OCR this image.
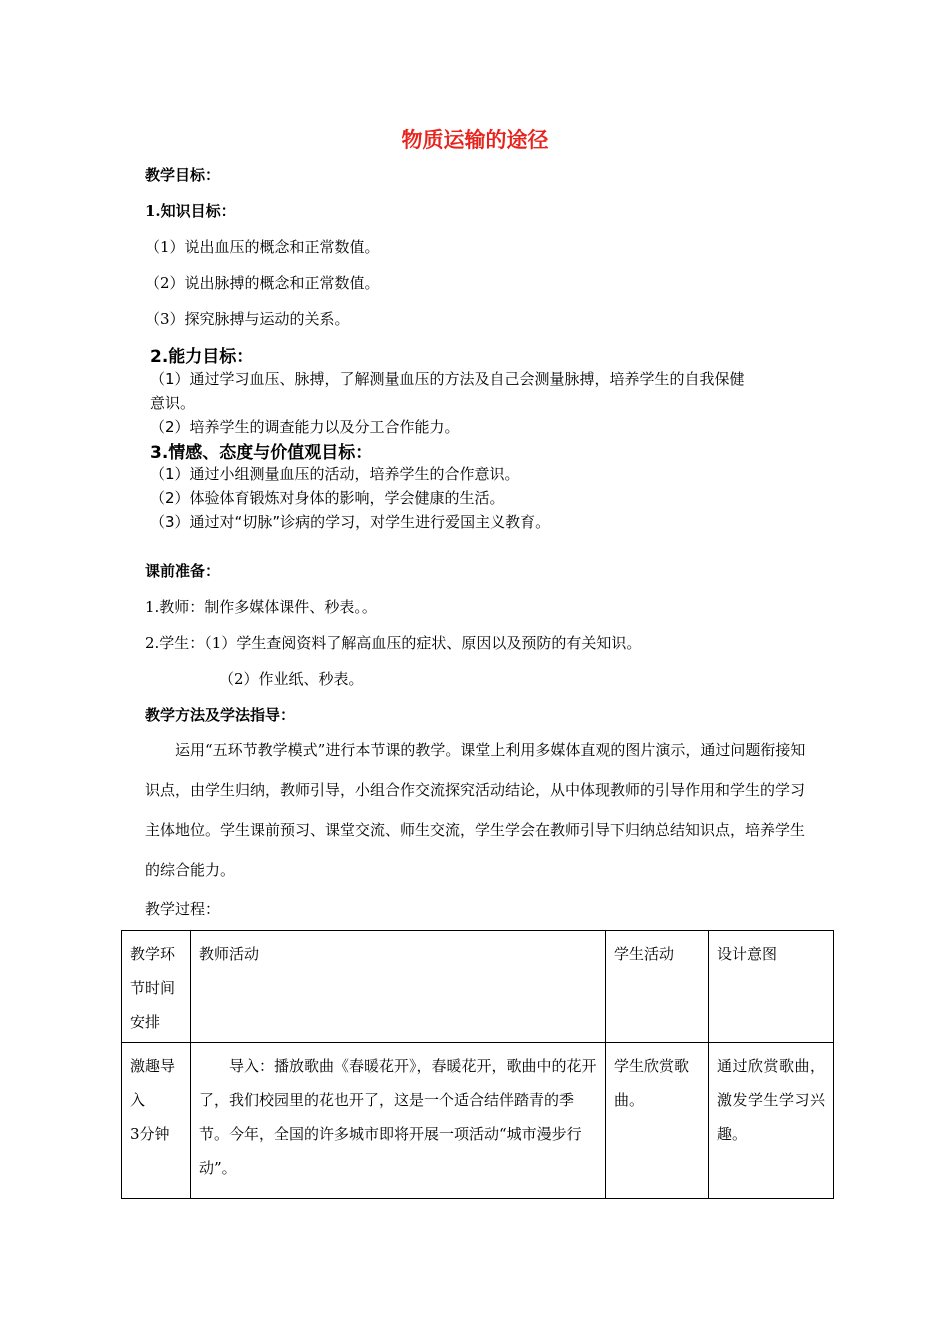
物质运输的途径
教学目标：
1.知识目标：
（1）说出血压的概念和正常数值。
（2）说出脉搏的概念和正常数值。
（3）探究脉搏与运动的关系。
2.能力目标：
（1）通过学习血压、脉搏，了解测量血压的方法及自己会测量脉搏，培养学生的自我保健
意识。
（2）培养学生的调查能力以及分工合作能力。
3.情感、态度与价值观目标：
（1）通过小组测量血压的活动，培养学生的合作意识。
（2）体验体育锻炼对身体的影响，学会健康的生活。
（3）通过对“切脉”诊病的学习，对学生进行爱国主义教育。
课前准备：
1.教师：制作多媒体课件、秒表。。
2.学生：（1）学生查阅资料了解高血压的症状、原因以及预防的有关知识。
（2）作业纸、秒表。
教学方法及学法指导：

运用“五环节教学模式”进行本节课的教学。课堂上利用多媒体直观的图片演示，通过问题衔接知识点，由学生归纳，教师引导，小组合作交流探究活动结论，从中体现教师的引导作用和学生的学习主体地位。学生课前预习、课堂交流、师生交流，学生学会在教师引导下归纳总结知识点，培养学生的综合能力。

教学过程：
教学环节时间安排	教师活动	学生活动	设计意图

激趣导入
3分钟	导入：播放歌曲《春暖花开》，春暖花开，歌曲中的花开了，我们校园里的花也开了，这是一个适合结伴踏青的季节。今年，全国的许多城市即将开展一项活动“城市漫步行动”。	学生欣赏歌曲。	通过欣赏歌曲，激发学生学习兴趣。
